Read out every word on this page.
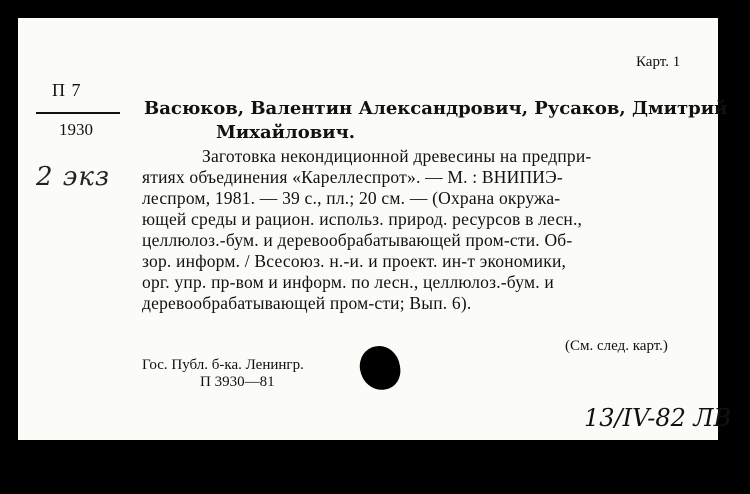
Карт. 1
П 7
1930
2 экз
Васюков, Валентин Александрович, Русаков, Дмитрий
Михайлович.
Заготовка некондиционной древесины на предпри-
ятиях объединения «Кареллеспрот». — М. : ВНИПИЭ-
леспром, 1981. — 39 с., пл.; 20 см. — (Охрана окружа-
ющей среды и рацион. использ. природ. ресурсов в лесн.,
целлюлоз.-бум. и деревообрабатывающей пром-сти. Об-
зор. информ. / Всесоюз. н.-и. и проект. ин-т экономики,
орг. упр. пр-вом и информ. по лесн., целлюлоз.-бум. и
деревообрабатывающей пром-сти; Вып. 6).
(См. след. карт.)
Гос. Публ. б-ка. Ленингр.
П 3930—81
13/IV-82 ЛВ
